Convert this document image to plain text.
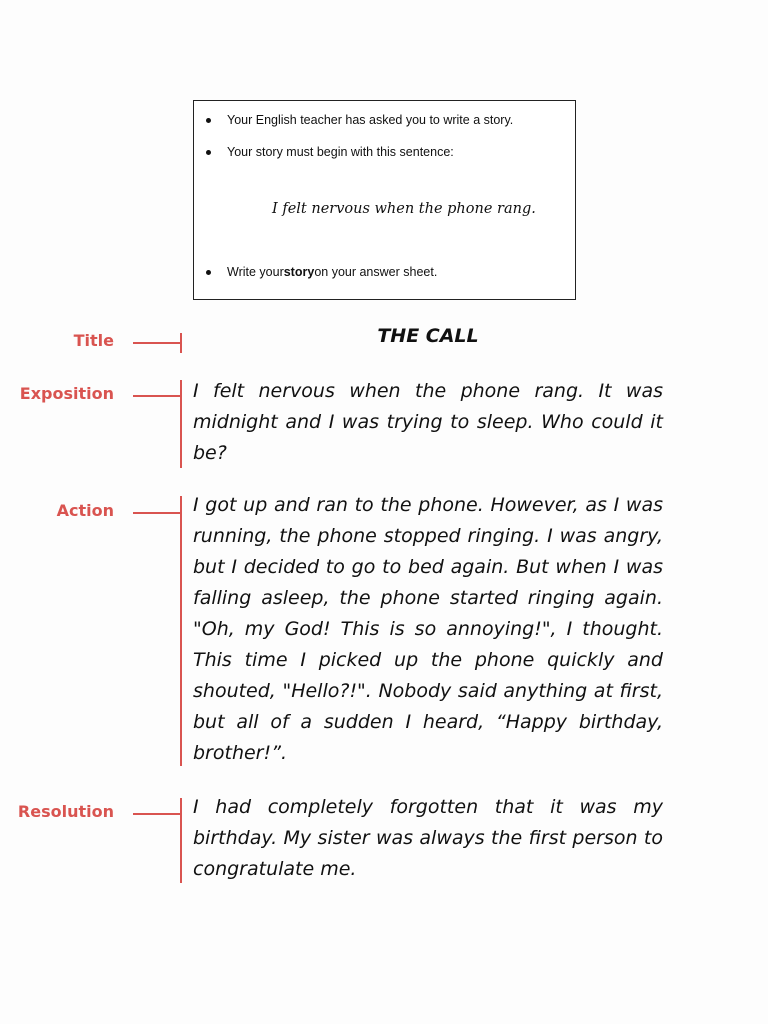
Your English teacher has asked you to write a story.
Your story must begin with this sentence:
I felt nervous when the phone rang.
Write your story on your answer sheet.
Title	THE CALL
Exposition	I felt nervous when the phone rang. It was midnight and I was trying to sleep. Who could it be?

Action	I got up and ran to the phone. However, as I was running, the phone stopped ringing. I was angry, but I decided to go to bed again. But when I was falling asleep, the phone started ringing again. "Oh, my God! This is so annoying!", I thought. This time I picked up the phone quickly and shouted, "Hello?!". Nobody said anything at first, but all of a sudden I heard, “Happy birthday, brother!”.

Resolution	I had completely forgotten that it was my birthday. My sister was always the first person to congratulate me.
